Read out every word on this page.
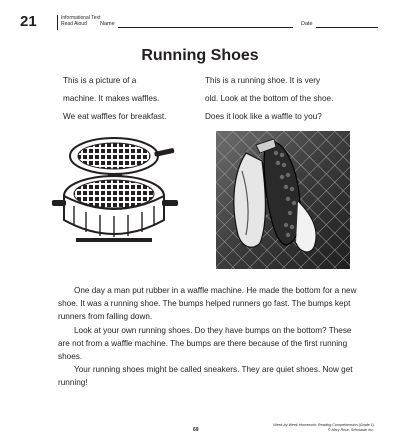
21	Informational Text
Read Aloud	Name	Date
Running Shoes

This is a picture of a

machine. It makes waffles.

We eat waffles for breakfast.

This is a running shoe. It is very

old. Look at the bottom of the shoe.

Does it look like a waffle to you?

One day a man put rubber in a waffle machine. He made the bottom for a new shoe. It was a running shoe. The bumps helped runners go fast. The bumps kept runners from falling down.

Look at your own running shoes. Do they have bumps on the bottom? These are not from a waffle machine. The bumps are there because of the first running shoes.

Your running shoes might be called sneakers. They are quiet shoes. Now get running!

69
Week-by-Week Homework: Reading Comprehension (Grade 1)
© Mary Rose, Scholastic Inc.
